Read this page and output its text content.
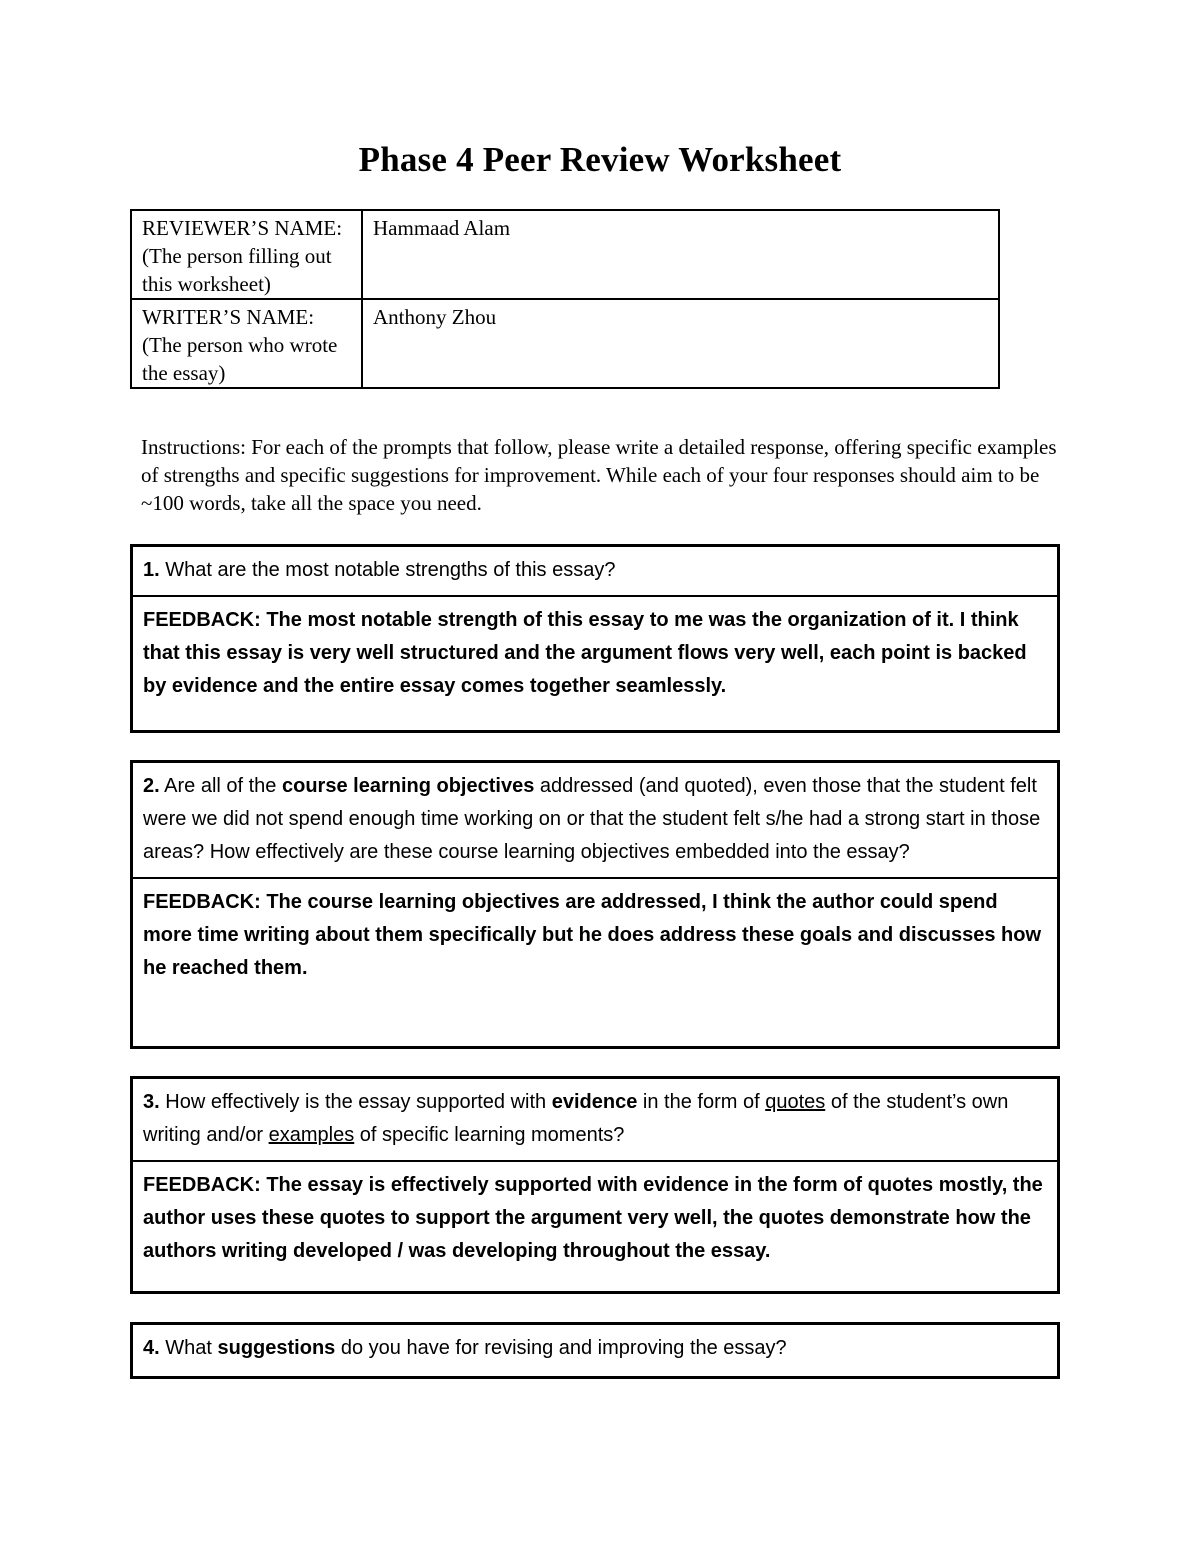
Phase 4 Peer Review Worksheet
REVIEWER’S NAME:
(The person filling out this worksheet)	Hammaad Alam
WRITER’S NAME:
(The person who wrote the essay)	Anthony Zhou
Instructions: For each of the prompts that follow, please write a detailed response, offering specific examples of strengths and specific suggestions for improvement. While each of your four responses should aim to be ~100 words, take all the space you need.
1. What are the most notable strengths of this essay?
FEEDBACK: The most notable strength of this essay to me was the organization of it. I think that this essay is very well structured and the argument flows very well, each point is backed by evidence and the entire essay comes together seamlessly.
2. Are all of the course learning objectives addressed (and quoted), even those that the student felt were we did not spend enough time working on or that the student felt s/he had a strong start in those areas? How effectively are these course learning objectives embedded into the essay?
FEEDBACK: The course learning objectives are addressed, I think the author could spend more time writing about them specifically but he does address these goals and discusses how he reached them.
3. How effectively is the essay supported with evidence in the form of quotes of the student’s own writing and/or examples of specific learning moments?
FEEDBACK: The essay is effectively supported with evidence in the form of quotes mostly, the author uses these quotes to support the argument very well, the quotes demonstrate how the authors writing developed / was developing throughout the essay.
4. What suggestions do you have for revising and improving the essay?
